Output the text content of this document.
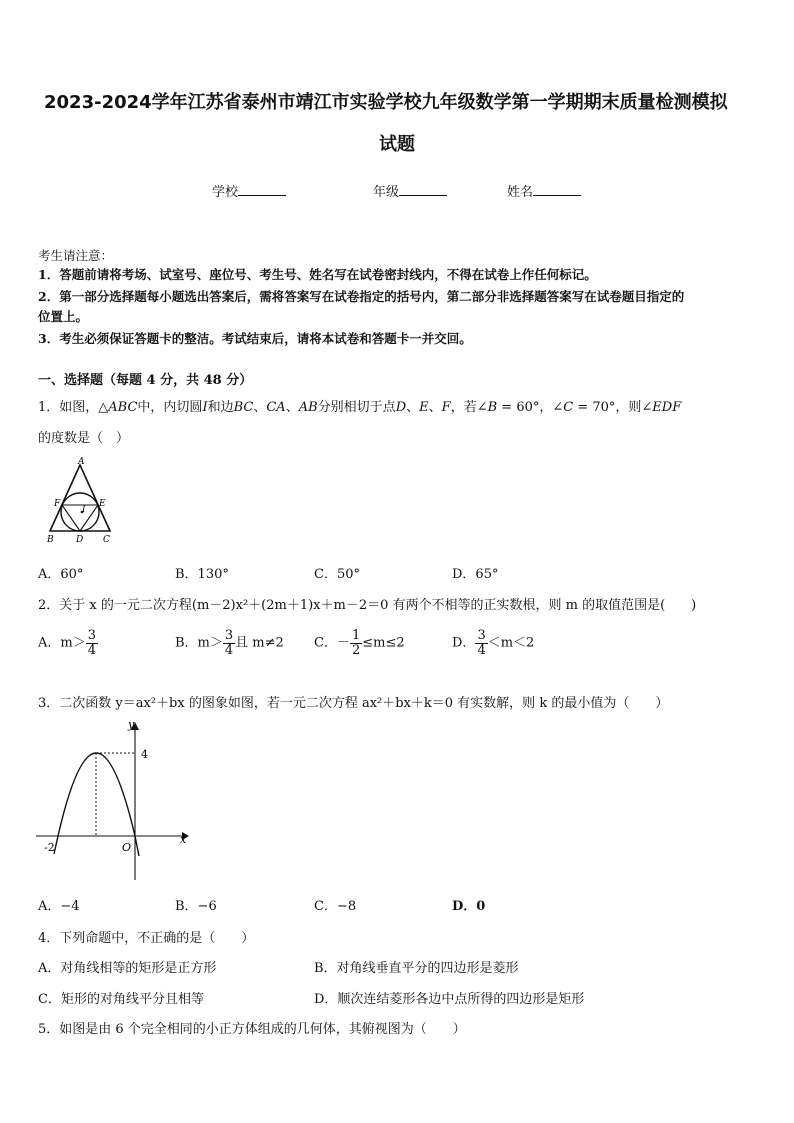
2023-2024学年江苏省泰州市靖江市实验学校九年级数学第一学期期末质量检测模拟
试题
学校	年级	姓名
考生请注意：
1．答题前请将考场、试室号、座位号、考生号、姓名写在试卷密封线内，不得在试卷上作任何标记。
2．第一部分选择题每小题选出答案后，需将答案写在试卷指定的括号内，第二部分非选择题答案写在试卷题目指定的
位置上。
3．考生必须保证答题卡的整洁。考试结束后，请将本试卷和答题卡一并交回。
一、选择题（每题 4 分，共 48 分）
1．如图，△ABC中，内切圆I和边BC、CA、AB分别相切于点D、E、F，若∠B = 60°，∠C = 70°，则∠EDF
的度数是（　）
A
F	E
I
B D C
A．60°	B．130°	C．50°	D．65°
2．关于 x 的一元二次方程(m－2)x²＋(2m＋1)x＋m－2＝0 有两个不相等的正实数根，则 m 的取值范围是(　　)
A．$m> \frac{3}{4}$	B．$m> \frac{3}{4}$ 且 m≠2 C．－ $\frac{1}{2} \le m\le 2$	D． $\frac{3}{4} <m<2$
3．二次函数 y＝ax²＋bx 的图象如图，若一元二次方程 ax²＋bx＋k＝0 有实数解，则 k 的最小值为（　　）
y
x
4
O
-2
A．−4	B．−6	C．−8	D．0
4．下列命题中，不正确的是（　　）
A．对角线相等的矩形是正方形	B．对角线垂直平分的四边形是菱形
C．矩形的对角线平分且相等	D．顺次连结菱形各边中点所得的四边形是矩形
5．如图是由 6 个完全相同的小正方体组成的几何体，其俯视图为（　　）
